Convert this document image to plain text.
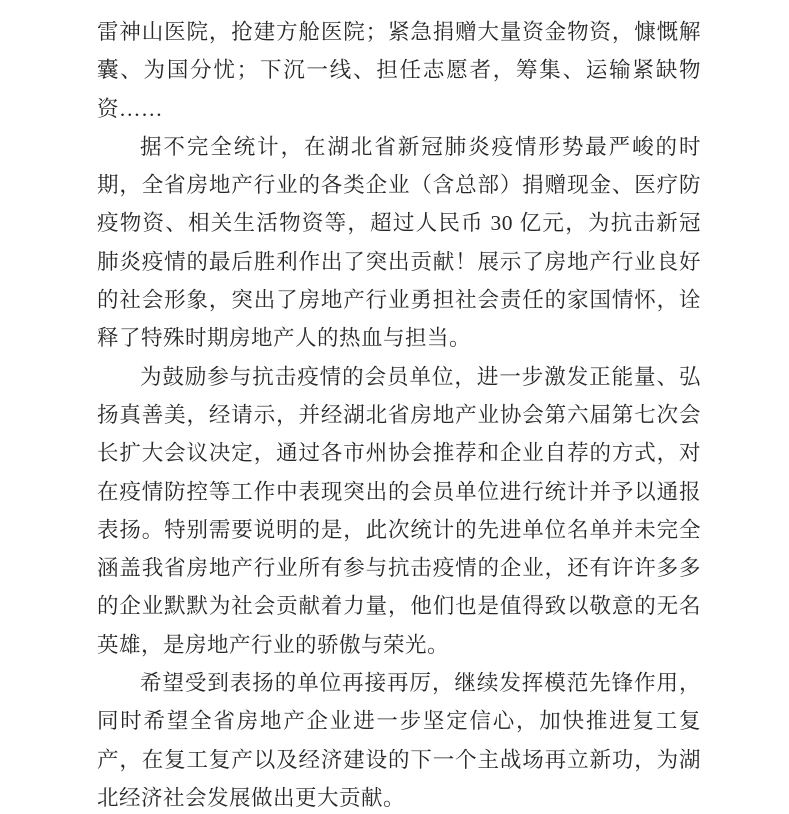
雷神山医院，抢建方舱医院；紧急捐赠大量资金物资，慷慨解囊、为国分忧；下沉一线、担任志愿者，筹集、运输紧缺物资……

据不完全统计，在湖北省新冠肺炎疫情形势最严峻的时期，全省房地产行业的各类企业（含总部）捐赠现金、医疗防疫物资、相关生活物资等，超过人民币 30 亿元，为抗击新冠肺炎疫情的最后胜利作出了突出贡献！展示了房地产行业良好的社会形象，突出了房地产行业勇担社会责任的家国情怀，诠释了特殊时期房地产人的热血与担当。

为鼓励参与抗击疫情的会员单位，进一步激发正能量、弘扬真善美，经请示，并经湖北省房地产业协会第六届第七次会长扩大会议决定，通过各市州协会推荐和企业自荐的方式，对在疫情防控等工作中表现突出的会员单位进行统计并予以通报表扬。特别需要说明的是，此次统计的先进单位名单并未完全涵盖我省房地产行业所有参与抗击疫情的企业，还有许许多多的企业默默为社会贡献着力量，他们也是值得致以敬意的无名英雄，是房地产行业的骄傲与荣光。

希望受到表扬的单位再接再厉，继续发挥模范先锋作用，同时希望全省房地产企业进一步坚定信心，加快推进复工复产，在复工复产以及经济建设的下一个主战场再立新功，为湖北经济社会发展做出更大贡献。
